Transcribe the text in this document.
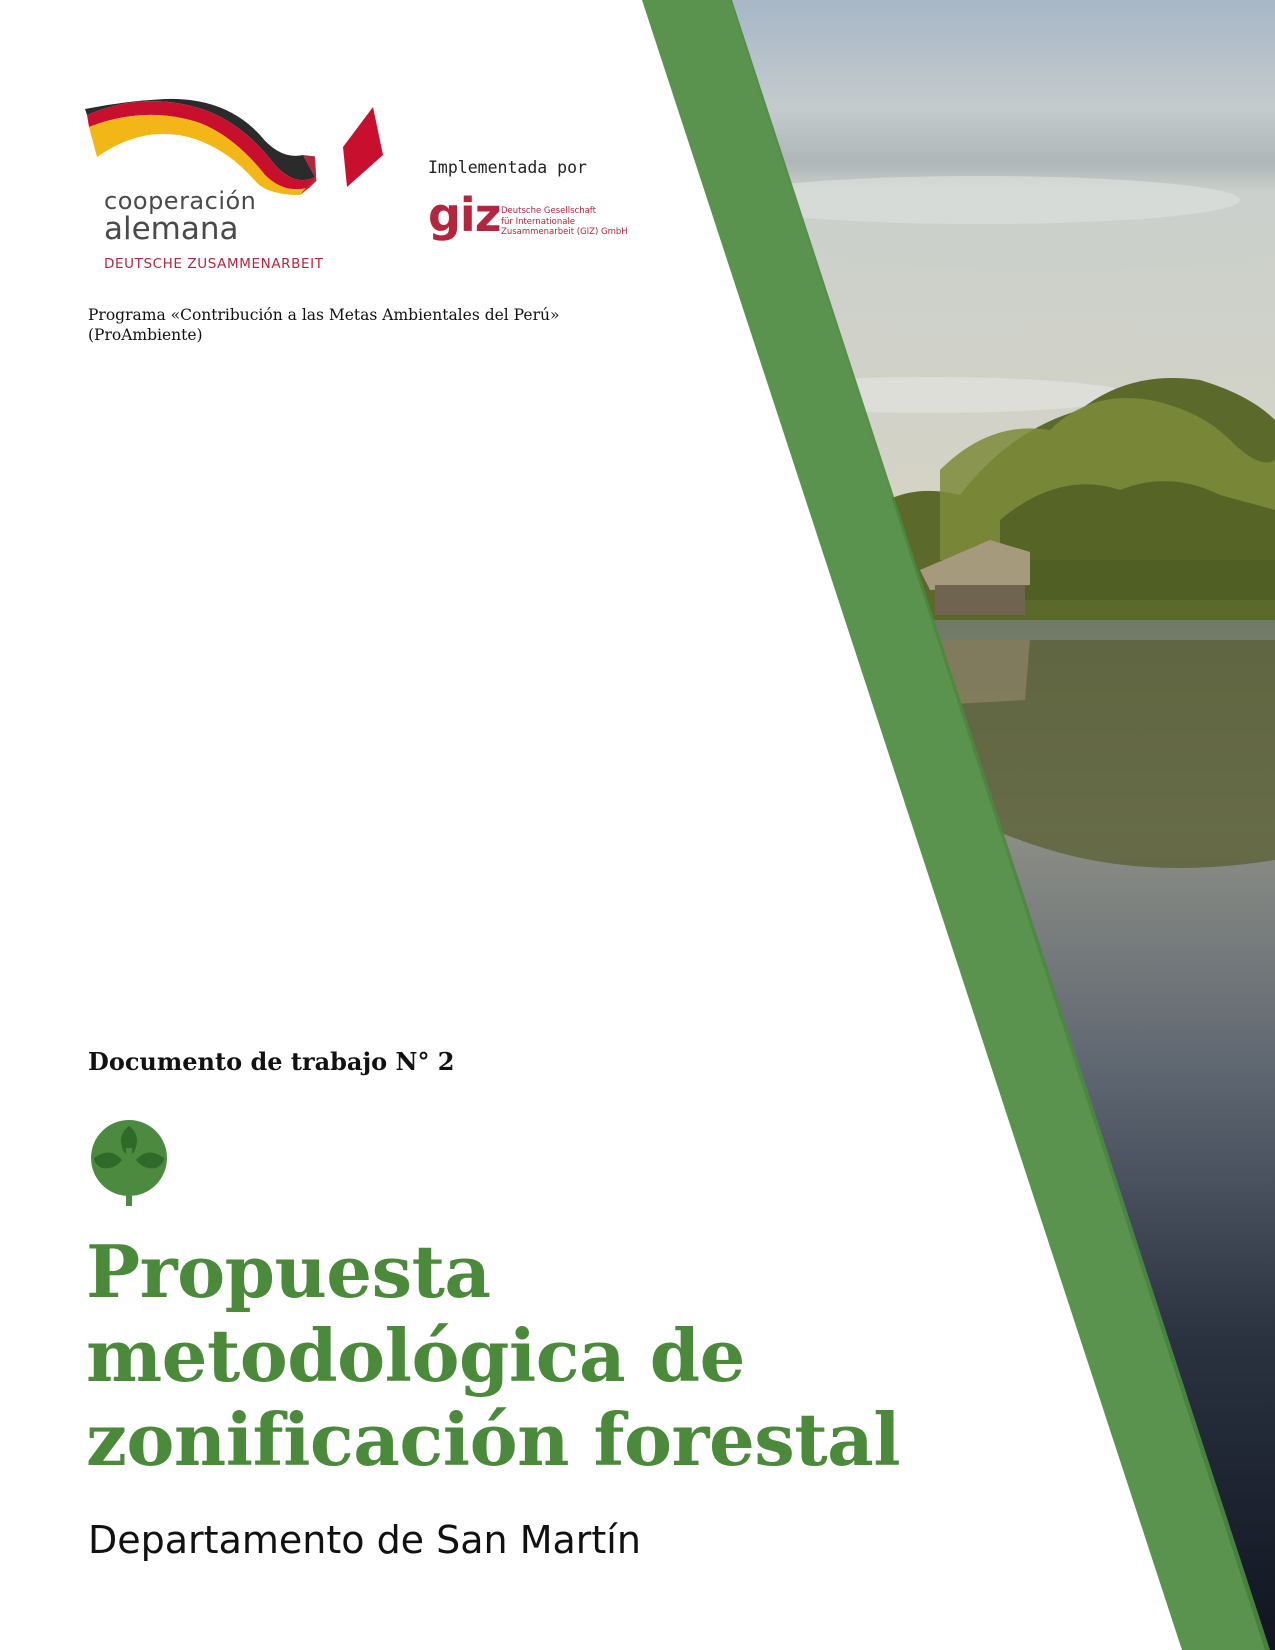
cooperación
alemana
DEUTSCHE ZUSAMMENARBEIT
Implementada por
giz Deutsche Gesellschaft
für Internationale
Zusammenarbeit (GIZ) GmbH
Programa «Contribución a las Metas Ambientales del Perú»
(ProAmbiente)
Documento de trabajo N° 2
Propuesta
metodológica de
zonificación forestal
Departamento de San Martín
